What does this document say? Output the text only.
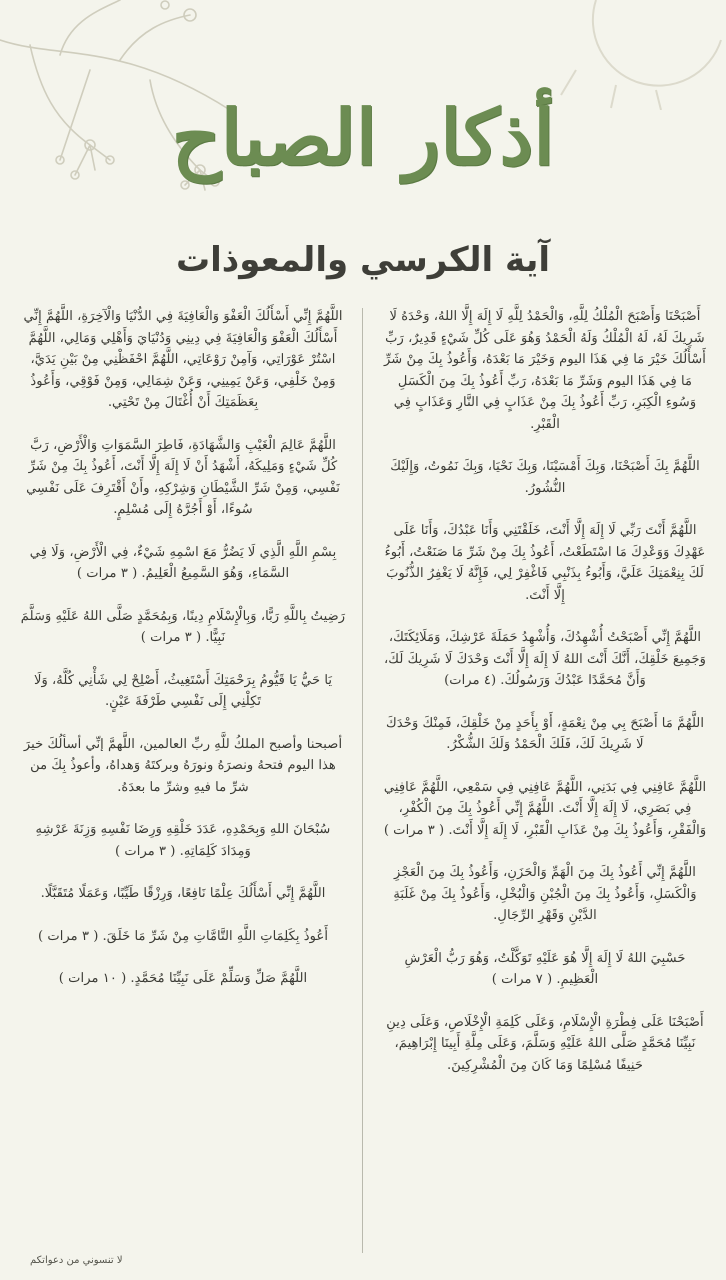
أذكار الصباح
آية الكرسي والمعوذات

أَصْبَحْنَا وَأَصْبَحَ الْمُلْكُ لِلَّهِ، وَالْحَمْدُ لِلَّهِ لَا إِلَهَ إِلَّا اللهُ، وَحْدَهُ لَا شَرِيكَ لَهُ، لَهُ الْمُلْكُ وَلَهُ الْحَمْدُ وَهُوَ عَلَى كُلِّ شَيْءٍ قَدِيرٌ، رَبِّ أَسْأَلُكَ خَيْرَ مَا فِي هَذَا اليوم وَخَيْرَ مَا بَعْدَهُ، وَأَعُوذُ بِكَ مِنْ شَرِّ مَا فِي هَذَا اليوم وَشَرِّ مَا بَعْدَهُ، رَبِّ أَعُوذُ بِكَ مِنَ الْكَسَلِ وَسُوءِ الْكِبَرِ، رَبِّ أَعُوذُ بِكَ مِنْ عَذَابٍ فِي النَّارِ وَعَذَابٍ فِي الْقَبْرِ.

اللَّهُمَّ بِكَ أَصْبَحْنَا، وَبِكَ أَمْسَيْنَا، وَبِكَ نَحْيَا، وَبِكَ نَمُوتُ، وَإِلَيْكَ النُّشُورُ.

اللَّهُمَّ أَنْتَ رَبِّي لَا إِلَهَ إِلَّا أَنْتَ، خَلَقْتَنِي وَأَنَا عَبْدُكَ، وَأَنَا عَلَى عَهْدِكَ وَوَعْدِكَ مَا اسْتَطَعْتُ، أَعُوذُ بِكَ مِنْ شَرِّ مَا صَنَعْتُ، أَبُوءُ لَكَ بِنِعْمَتِكَ عَلَيَّ، وَأَبُوءُ بِذَنْبِي فَاغْفِرْ لِي، فَإِنَّهُ لَا يَغْفِرُ الذُّنُوبَ إِلَّا أَنْتَ.

اللَّهُمَّ إِنِّي أَصْبَحْتُ أُشْهِدُكَ، وَأُشْهِدُ حَمَلَةَ عَرْشِكَ، وَمَلَائِكَتَكَ، وَجَمِيعَ خَلْقِكَ، أَنَّكَ أَنْتَ اللهُ لَا إِلَهَ إِلَّا أَنْتَ وَحْدَكَ لَا شَرِيكَ لَكَ، وَأَنَّ مُحَمَّدًا عَبْدُكَ وَرَسُولُكَ. (٤ مرات)

اللَّهُمَّ مَا أَصْبَحَ بِي مِنْ نِعْمَةٍ، أَوْ بِأَحَدٍ مِنْ خَلْقِكَ، فَمِنْكَ وَحْدَكَ لَا شَرِيكَ لَكَ، فَلَكَ الْحَمْدُ وَلَكَ الشُّكْرُ.

اللَّهُمَّ عَافِنِي فِي بَدَنِي، اللَّهُمَّ عَافِنِي فِي سَمْعِي، اللَّهُمَّ عَافِنِي فِي بَصَرِي، لَا إِلَهَ إِلَّا أَنْتَ. اللَّهُمَّ إِنِّي أَعُوذُ بِكَ مِنَ الْكُفْرِ، وَالْفَقْرِ، وَأَعُوذُ بِكَ مِنْ عَذَابِ الْقَبْرِ، لَا إِلَهَ إِلَّا أَنْتَ. ( ٣ مرات )

اللَّهُمَّ إِنِّي أَعُوذُ بِكَ مِنَ الْهَمِّ وَالْحَزَنِ، وَأَعُوذُ بِكَ مِنَ الْعَجْزِ وَالْكَسَلِ، وَأَعُوذُ بِكَ مِنَ الْجُبْنِ وَالْبُخْلِ، وَأَعُوذُ بِكَ مِنْ غَلَبَةِ الدَّيْنِ وَقَهْرِ الرِّجَالِ.

حَسْبِيَ اللهُ لَا إِلَهَ إِلَّا هُوَ عَلَيْهِ تَوَكَّلْتُ، وَهُوَ رَبُّ الْعَرْشِ الْعَظِيمِ. ( ٧ مرات )

أَصْبَحْنَا عَلَى فِطْرَةِ الْإِسْلَامِ، وَعَلَى كَلِمَةِ الْإِخْلَاصِ، وَعَلَى دِينِ نَبِيِّنَا مُحَمَّدٍ صَلَّى اللهُ عَلَيْهِ وَسَلَّمَ، وَعَلَى مِلَّةِ أَبِينَا إِبْرَاهِيمَ، حَنِيفًا مُسْلِمًا وَمَا كَانَ مِنَ الْمُشْرِكِينَ.

اللَّهُمَّ إِنِّي أَسْأَلُكَ الْعَفْوَ وَالْعَافِيَةَ فِي الدُّنْيَا وَالْآخِرَةِ، اللَّهُمَّ إِنِّي أَسْأَلُكَ الْعَفْوَ وَالْعَافِيَةَ فِي دِينِي وَدُنْيَايَ وَأَهْلِي وَمَالِي، اللَّهُمَّ اسْتُرْ عَوْرَاتِي، وَآمِنْ رَوْعَاتِي، اللَّهُمَّ احْفَظْنِي مِنْ بَيْنِ يَدَيَّ، وَمِنْ خَلْفِي، وَعَنْ يَمِينِي، وَعَنْ شِمَالِي، وَمِنْ فَوْقِي، وَأَعُوذُ بِعَظَمَتِكَ أَنْ أُغْتَالَ مِنْ تَحْتِي.

اللَّهُمَّ عَالِمَ الْغَيْبِ وَالشَّهَادَةِ، فَاطِرَ السَّمَوَاتِ وَالْأَرْضِ، رَبَّ كُلِّ شَيْءٍ وَمَلِيكَهُ، أَشْهَدُ أَنْ لَا إِلَهَ إِلَّا أَنْتَ، أَعُوذُ بِكَ مِنْ شَرِّ نَفْسِي، وَمِنْ شَرِّ الشَّيْطَانِ وَشِرْكِهِ، وأَنْ أَقْتَرِفَ عَلَى نَفْسِي سُوءًا، أَوْ أَجُرَّهُ إِلَى مُسْلِمٍ.

بِسْمِ اللَّهِ الَّذِي لَا يَضُرُّ مَعَ اسْمِهِ شَيْءٌ، فِي الْأَرْضِ، وَلَا فِي السَّمَاءِ، وَهُوَ السَّمِيعُ الْعَلِيمُ. ( ٣ مرات )

رَضِيتُ بِاللَّهِ رَبًّا، وَبِالْإِسْلَامِ دِينًا، وَبِمُحَمَّدٍ صَلَّى اللهُ عَلَيْهِ وَسَلَّمَ نَبِيًّا. ( ٣ مرات )

يَا حَيُّ يَا قَيُّومُ بِرَحْمَتِكَ أَسْتَغِيثُ، أَصْلِحْ لِي شَأْنِي كُلَّهُ، وَلَا تَكِلْنِي إِلَى نَفْسِي طَرْفَةَ عَيْنٍ.

أصبحنا وأصبح الملكُ للَّهِ ربِّ العالمين، اللَّهمَّ إنِّي أسألُكَ خيرَ هذا اليوم فتحهُ ونصرَهُ ونورَهُ وبركتَهُ وَهداهُ، وأعوذُ بِكَ من شرِّ ما فيهِ وشرِّ ما بعدَهُ.

سُبْحَانَ اللهِ وَبِحَمْدِهِ، عَدَدَ خَلْقِهِ وَرِضَا نَفْسِهِ وَزِنَةَ عَرْشِهِ وَمِدَادَ كَلِمَاتِهِ. ( ٣ مرات )

اللَّهُمَّ إِنِّي أَسْأَلُكَ عِلْمًا نَافِعًا، وَرِزْقًا طَيِّبًا، وَعَمَلًا مُتَقَبَّلًا.

أَعُوذُ بِكَلِمَاتِ اللَّهِ التَّامَّاتِ مِنْ شَرِّ مَا خَلَقَ. ( ٣ مرات )

اللَّهُمَّ صَلِّ وَسَلِّمْ عَلَى نَبِيِّنَا مُحَمَّدٍ. ( ١٠ مرات )

لا تنسوني من دعواتكم
